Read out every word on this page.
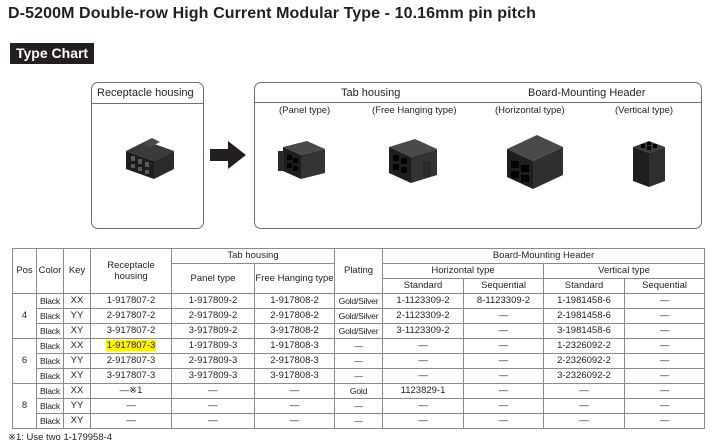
D-5200M Double-row High Current Modular Type - 10.16mm pin pitch
Type Chart
Receptacle housing	Tab housing	Board-Mounting Header
(Panel type)	(Free Hanging type)	(Horizontal type)	(Vertical type)
Pos	Color	Key	Receptacle housing	Tab housing		Plating	Board-Mounting Header			
				Panel type	Free Hanging type		Horizontal type		Vertical type	
							Standard	Sequential	Standard	Sequential
4	Black	XX	1-917807-2	1-917809-2	1-917808-2	Gold/Silver	1-1123309-2	8-1123309-2	1-1981458-6	—
	Black	YY	2-917807-2	2-917809-2	2-917808-2	Gold/Silver	2-1123309-2	—	2-1981458-6	—
	Black	XY	3-917807-2	3-917809-2	3-917808-2	Gold/Silver	3-1123309-2	—	3-1981458-6	—
6	Black	XX	1-917807-3	1-917809-3	1-917808-3	—	—	—	1-2326092-2	—
	Black	YY	2-917807-3	2-917809-3	2-917808-3	—	—	—	2-2326092-2	—
	Black	XY	3-917807-3	3-917809-3	3-917808-3	—	—	—	3-2326092-2	—
8	Black	XX	—※1	—	—	Gold	1123829-1	—	—	—
	Black	YY	—	—	—	—	—	—	—	—
	Black	XY	—	—	—	—	—	—	—	—
※1: Use two 1-179958-4
